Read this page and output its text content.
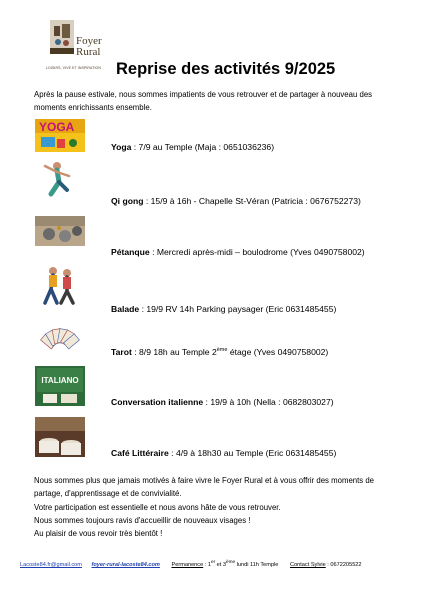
Foyer Rural
LOISIRS, VIVE ET INSPIRATION Reprise des activités 9/2025
Après la pause estivale, nous sommes impatients de vous retrouver et de partager à nouveau des moments enrichissants ensemble.
YOGA
Yoga : 7/9 au Temple (Maja : 0651036236)
Qi gong : 15/9 à 16h - Chapelle St-Véran (Patricia : 0676752273)
Pétanque : Mercredi après-midi – boulodrome (Yves 0490758002)
Balade : 19/9 RV 14h Parking paysager (Eric 0631485455)
Tarot : 8/9 18h au Temple 2ème étage (Yves 0490758002)
ITALIANO
Conversation italienne : 19/9 à 10h (Nella : 0682803027)
Café Littéraire : 4/9 à 18h30 au Temple (Eric 0631485455)
Nous sommes plus que jamais motivés à faire vivre le Foyer Rural et à vous offrir des moments de partage, d'apprentissage et de convivialité.
Votre participation est essentielle et nous avons hâte de vous retrouver.
Nous sommes toujours ravis d'accueillir de nouveaux visages !
Au plaisir de vous revoir très bientôt !
Lacoste84.fr@gmail.com foyer-rural-lacoste84.com Permanence : 1er et 3ème lundi 11h Temple Contact Sylvie : 0672205522
